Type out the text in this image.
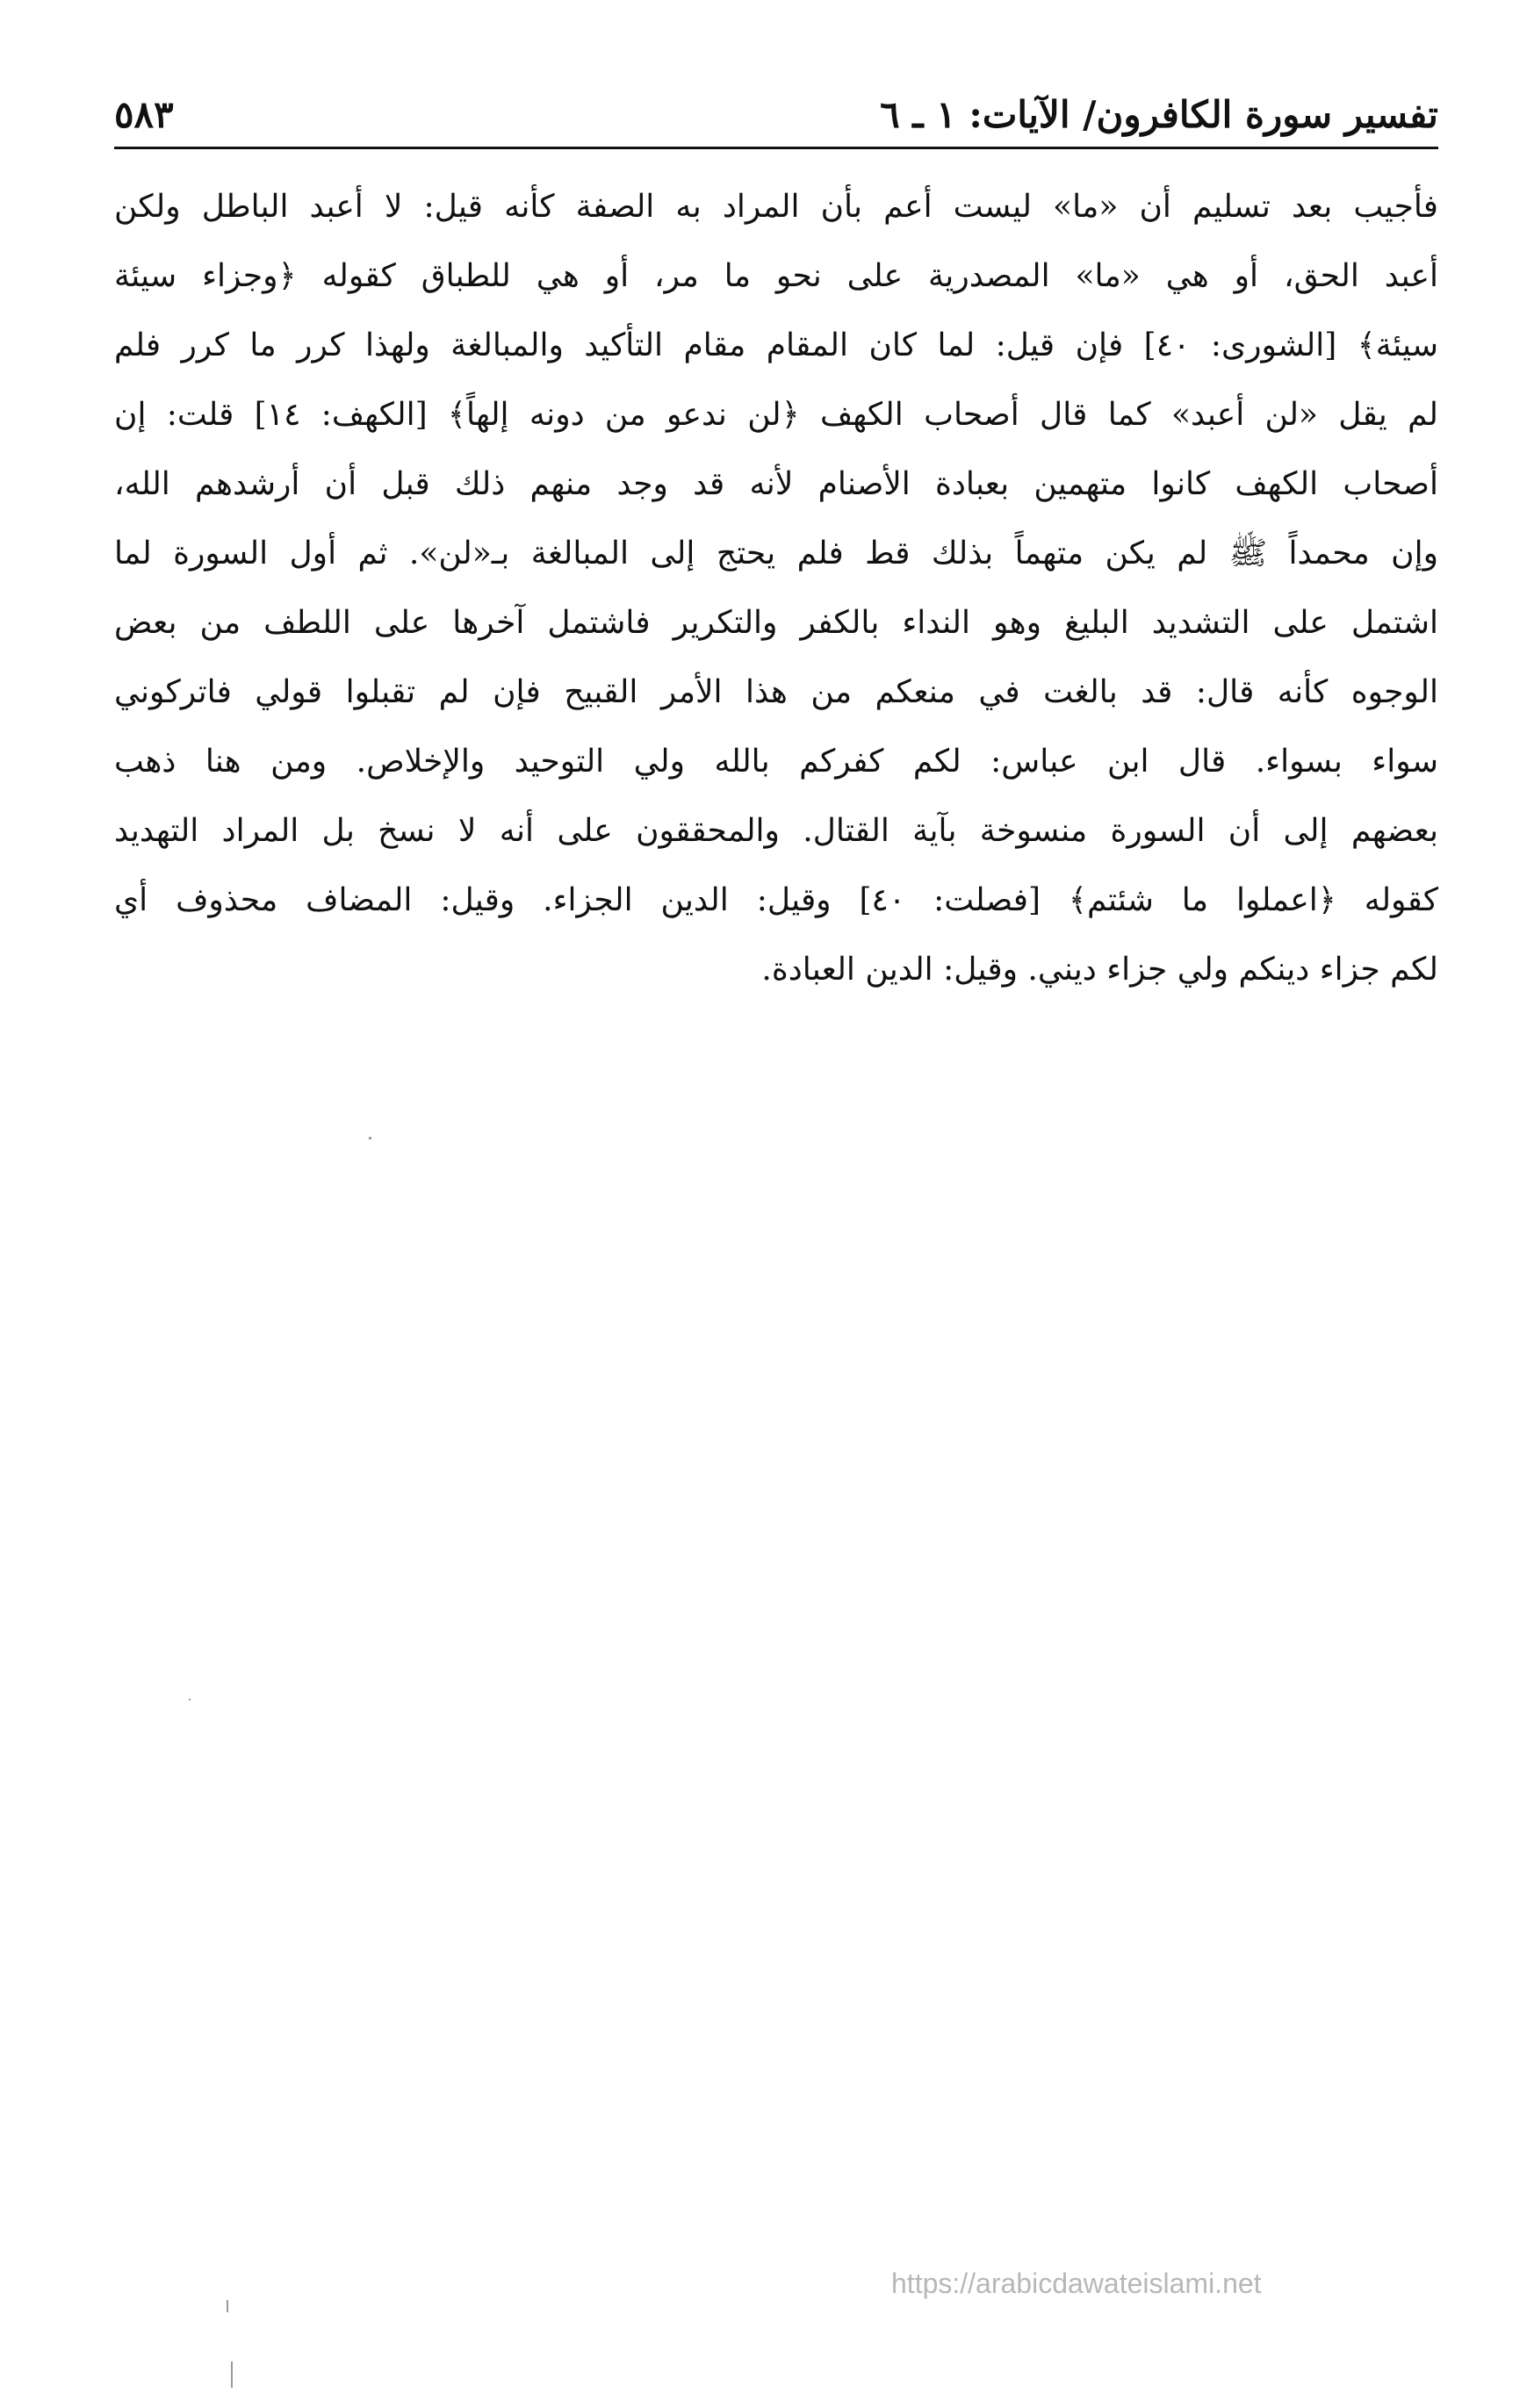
تفسير سورة الكافرون/ الآيات: ١ ـ ٦
٥٨٣
فأجيب بعد تسليم أن «ما» ليست أعم بأن المراد به الصفة كأنه قيل: لا أعبد الباطل ولكن
أعبد الحق، أو هي «ما» المصدرية على نحو ما مر، أو هي للطباق كقوله ﴿وجزاء سيئة
سيئة﴾ [الشورى: ٤٠] فإن قيل: لما كان المقام مقام التأكيد والمبالغة ولهذا كرر ما كرر فلم
لم يقل «لن أعبد» كما قال أصحاب الكهف ﴿لن ندعو من دونه إلهاً﴾ [الكهف: ١٤] قلت: إن
أصحاب الكهف كانوا متهمين بعبادة الأصنام لأنه قد وجد منهم ذلك قبل أن أرشدهم الله،
وإن محمداً ﷺ لم يكن متهماً بذلك قط فلم يحتج إلى المبالغة بـ«لن». ثم أول السورة لما
اشتمل على التشديد البليغ وهو النداء بالكفر والتكرير فاشتمل آخرها على اللطف من بعض
الوجوه كأنه قال: قد بالغت في منعكم من هذا الأمر القبيح فإن لم تقبلوا قولي فاتركوني
سواء بسواء. قال ابن عباس: لكم كفركم بالله ولي التوحيد والإخلاص. ومن هنا ذهب
بعضهم إلى أن السورة منسوخة بآية القتال. والمحققون على أنه لا نسخ بل المراد التهديد
كقوله ﴿اعملوا ما شئتم﴾ [فصلت: ٤٠] وقيل: الدين الجزاء. وقيل: المضاف محذوف أي
لكم جزاء دينكم ولي جزاء ديني. وقيل: الدين العبادة.
https://arabicdawateislami.net
